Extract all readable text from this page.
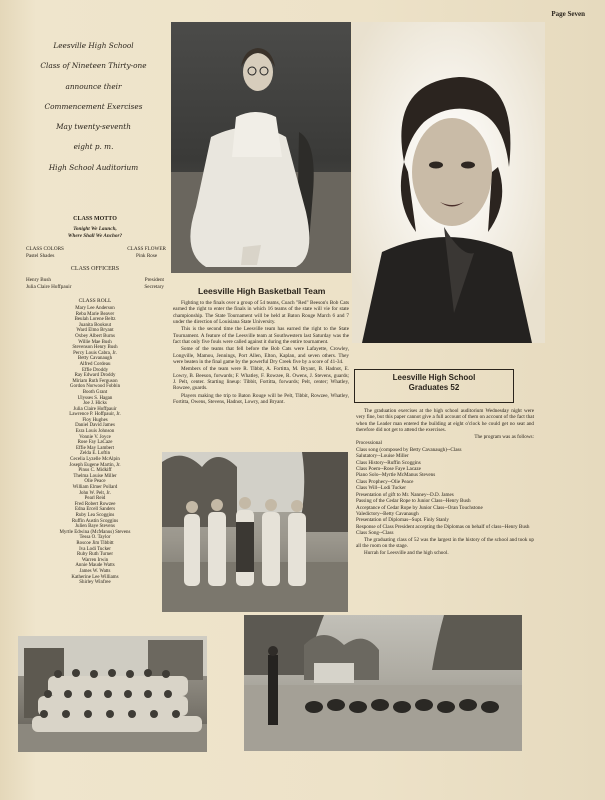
Page Seven
Leesville High School
Class of Nineteen Thirty-one
announce their
Commencement Exercises
May twenty-seventh
eight p. m.
High School Auditorium
CLASS MOTTO
Tonight We Launch,
Where Shall We Anchor?
CLASS COLORS
Pastel Shades
CLASS FLOWER
Pink Rose
CLASS OFFICERS
Henry Bush	President
Julia Claire Hoffpauir	Secretary
CLASS ROLL
Mary Lee Anderson
Reba Marie Beaver
Beulah Lorene Beltz
Juanita Bookout
Ward Elmo Bryant
Oxbey Albert Burns
Willie Mae Bush
Stevenson Henry Bush
Percy Louis Cabra, Jr.
Betty Cavanaugh
Alfred Cordeau
Effie Droddy
Ray Edward Droddy
Miriam Ruth Ferguson
Gordon Norwood Fobbin
Booth Grant
Ulysses S. Hagan
Joe J. Hicks
Julia Claire Hoffpauir
Lawrence P. Hoffpauir, Jr.
Floy Hughes
Daniel David James
Esra Louis Johnson
Vonnie V. Joyce
Rose Fay LaCaze
Effie May Lambert
Zelda E. Loftin
Cecelia Lyzelle McAlpin
Joseph Eugene Martin, Jr.
Pinus C. Midkiff
Thelma Louise Miller
Olie Peace
William Elmer Pollard
John W. Pelt, Jr.
Pearl Reid
Fred Robert Rowzee
Edna Ercell Sanders
Ruby Lea Scoggins
Ruffin Austin Scoggins
Julien Baye Stevens
Myrtle Edwina (McManus) Stevens
Tessa O. Taylor
Roscoe Jim Tibbitt
Iva Lodi Tucker
Ruby Ruth Turner
Warren Irwin
Annie Maude Watts
James W. Watts
Katherine Lee Williams
Shirley Winfree
Leesville High Basketball Team

Fighting to the finals over a group of 54 teams, Coach "Red" Beeson's Bob Cats earned the right to enter the finals in which 16 teams of the state will vie for state championship. The State Tournament will be held at Baton Rouge March 6 and 7 under the direction of Louisiana State University.

This is the second time the Leesville team has earned the right to the State Tournament. A feature of the Leesville team at Southwestern last Saturday was the fact that only five fouls were called against it during the entire tournament.

Some of the teams that fell before the Bob Cats were Lafayette, Crowley, Longville, Mamou, Jennings, Port Allen, Elton, Kaplan, and seven others. They were beaten in the final game by the powerful Dry Creek five by a score of 41-34.

Members of the team were R. Tibbit, A. Fortitta, M. Bryant, B. Hadnot, E. Lowry, B. Beeson, forwards; F. Whatley, F. Rowzee, R. Owens, J. Stevens, guards; J. Pelt, center. Starting lineup: Tibbit, Fortitta, forwards; Pelt, center; Whatley, Rowzee, guards.

Players making the trip to Baton Rouge will be Pelt, Tibbit, Rowzee, Whatley, Fortitta, Owens, Stevens, Hadnot, Lowry, and Bryant.

Leesville High School
Graduates 52

The graduation exercises at the high school auditorium Wednesday night were very fine, but this paper cannot give a full account of them on account of the fact that when the Leader man entered the building at eight o'clock he could get no seat and therefore did not get to attend the exercises.

The program was as follows:

Processional

Class song (composed by Betty Cavanaugh)--Class

Salutatory--Louise Miller

Class History--Ruffin Scoggins

Class Poem--Rose Faye Lacaze

Piano Solo--Myrtle McManus Stevens

Class Prophecy--Olie Peace

Class Will--Lodi Tucker

Presentation of gift to Mr. Nanney--D.D. James

Passing of the Cedar Rope to Junior Class--Henry Bush

Acceptance of Cedar Rope by Junior Class--Oran Touchstone

Valedictory--Betty Cavanaugh

Presentation of Diplomas--Supt. Finly Stanly

Response of Class President accepting the Diplomas on behalf of class--Henry Bush

Class Song--Class

The graduating class of 52 was the largest in the history of the school and took up all the room on the stage.

Hurrah for Leesville and the high school.
